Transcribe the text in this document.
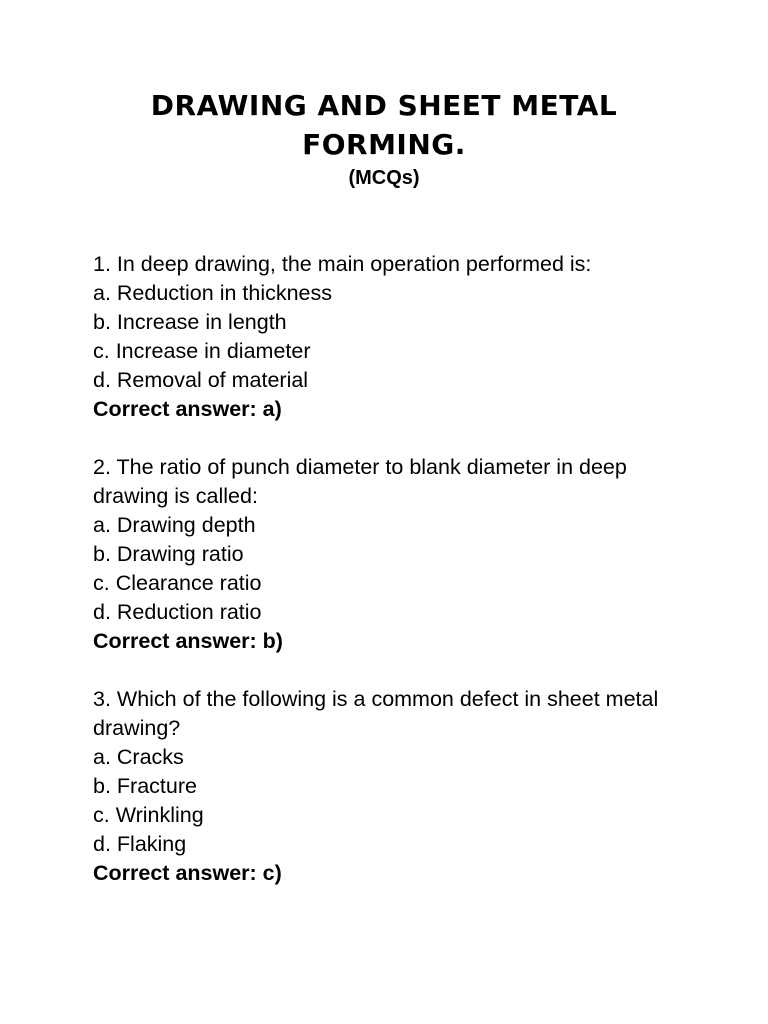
DRAWING AND SHEET METAL FORMING.
(MCQs)
1. In deep drawing, the main operation performed is:
a. Reduction in thickness
b. Increase in length
c. Increase in diameter
d. Removal of material
Correct answer: a)
2. The ratio of punch diameter to blank diameter in deep drawing is called:
a. Drawing depth
b. Drawing ratio
c. Clearance ratio
d. Reduction ratio
Correct answer: b)
3. Which of the following is a common defect in sheet metal drawing?
a. Cracks
b. Fracture
c. Wrinkling
d. Flaking
Correct answer: c)
